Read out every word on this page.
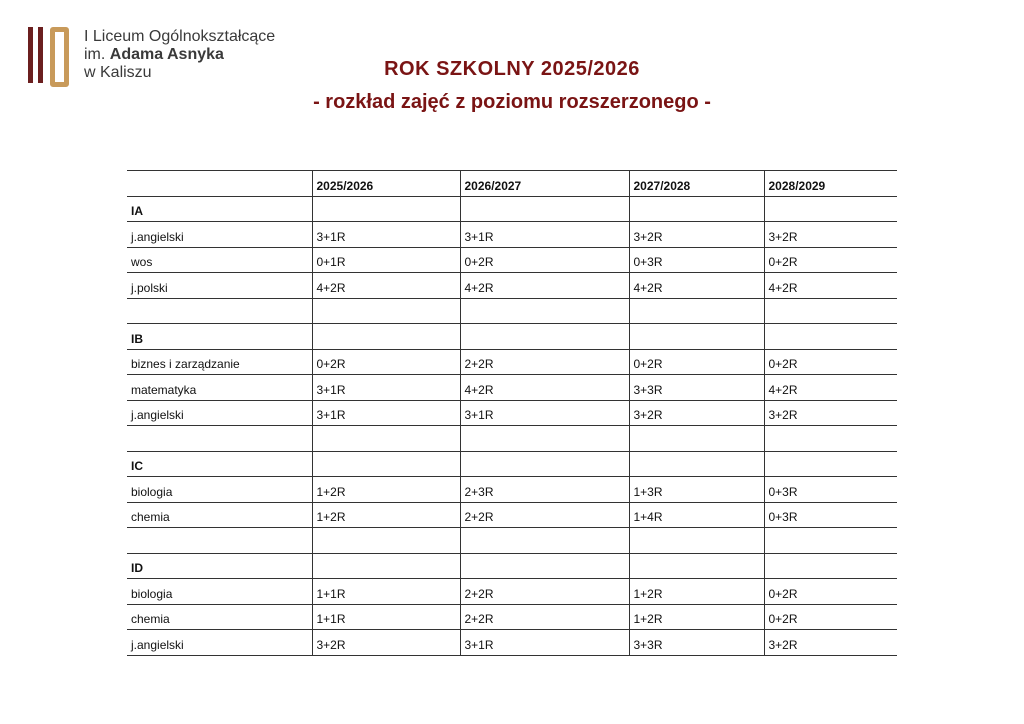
I Liceum Ogólnokształcące
im. Adama Asnyka
w Kaliszu	ROK SZKOLNY 2025/2026
- rozkład zajęć z poziomu rozszerzonego -
	2025/2026	2026/2027	2027/2028	2028/2029
IA				
j.angielski	3+1R	3+1R	3+2R	3+2R
wos	0+1R	0+2R	0+3R	0+2R
j.polski	4+2R	4+2R	4+2R	4+2R

IB				
biznes i zarządzanie	0+2R	2+2R	0+2R	0+2R
matematyka	3+1R	4+2R	3+3R	4+2R
j.angielski	3+1R	3+1R	3+2R	3+2R

IC				
biologia	1+2R	2+3R	1+3R	0+3R
chemia	1+2R	2+2R	1+4R	0+3R

ID				
biologia	1+1R	2+2R	1+2R	0+2R
chemia	1+1R	2+2R	1+2R	0+2R
j.angielski	3+2R	3+1R	3+3R	3+2R
